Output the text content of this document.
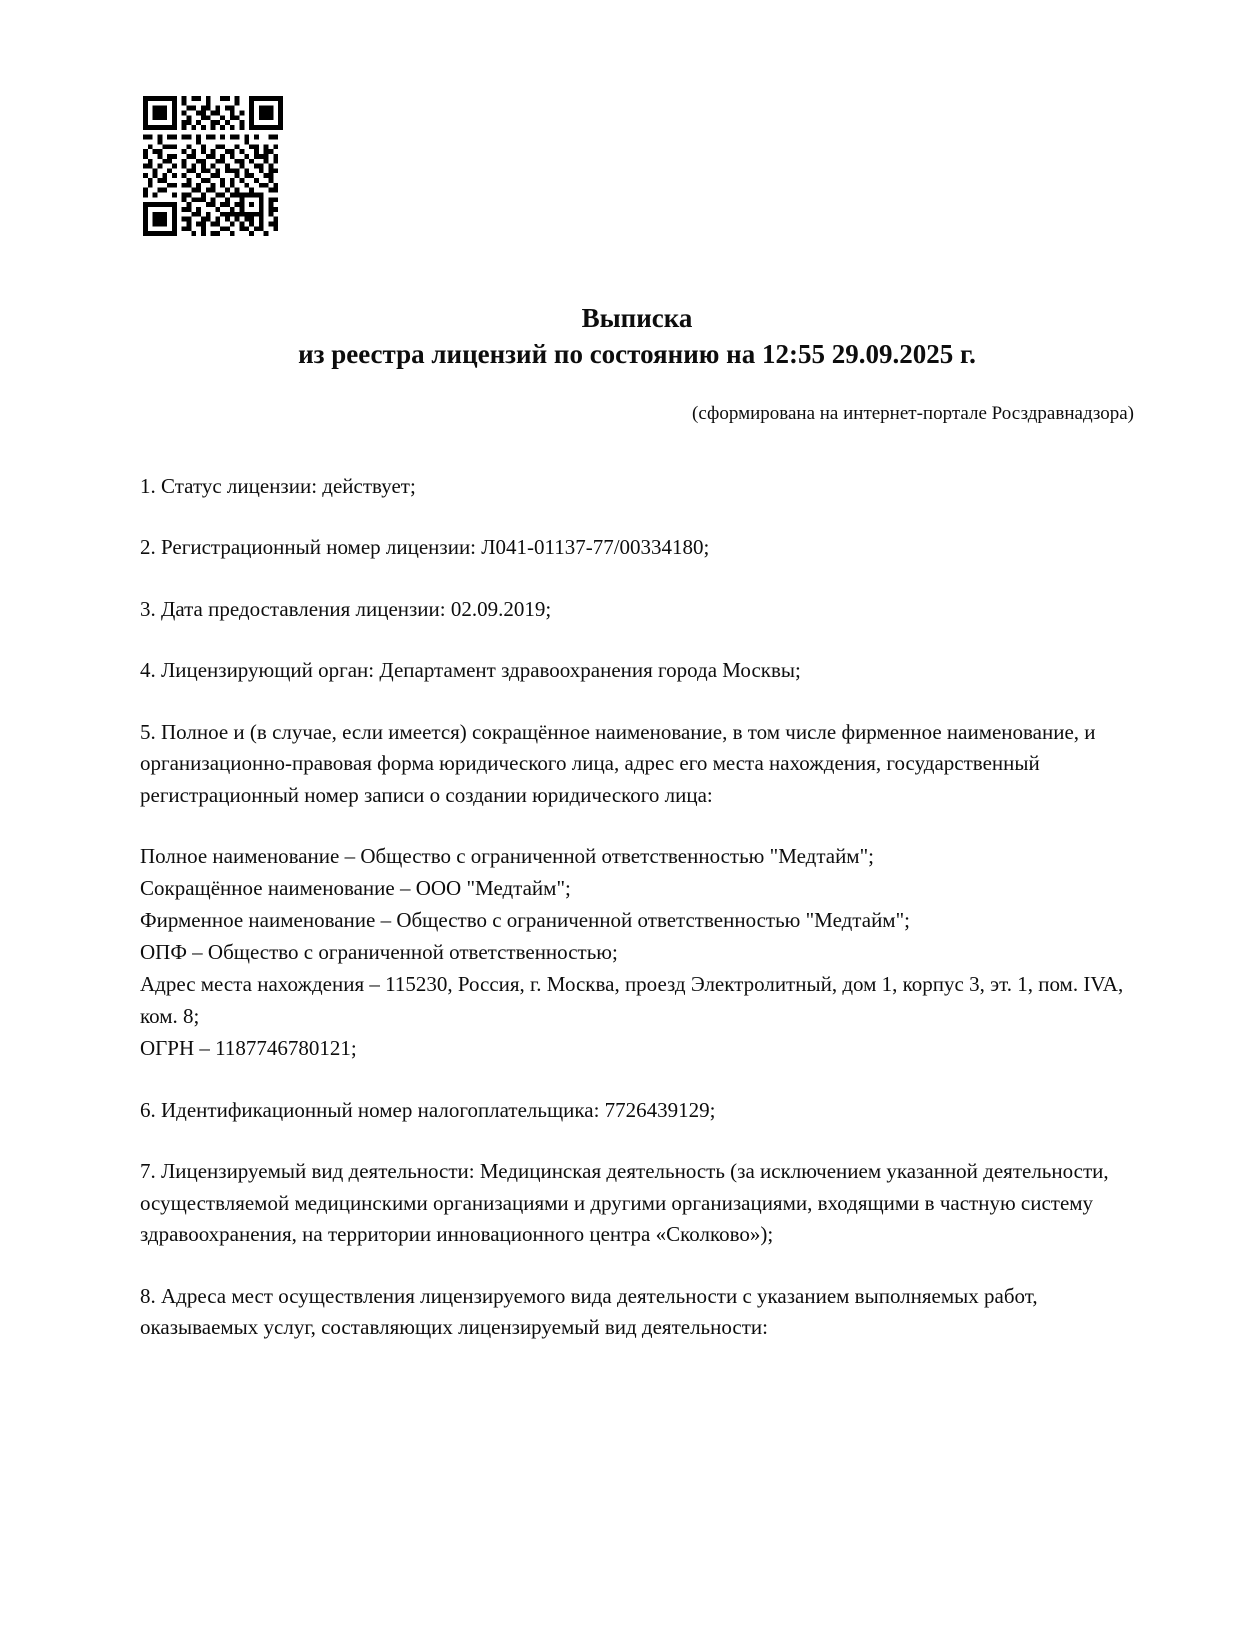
Выписка
из реестра лицензий по состоянию на 12:55 29.09.2025 г.

(сформирована на интернет-портале Росздравнадзора)

1. Статус лицензии: действует;

2. Регистрационный номер лицензии: Л041-01137-77/00334180;

3. Дата предоставления лицензии: 02.09.2019;

4. Лицензирующий орган: Департамент здравоохранения города Москвы;

5. Полное и (в случае, если имеется) сокращённое наименование, в том числе фирменное наименование, и организационно-правовая форма юридического лица, адрес его места нахождения, государственный регистрационный номер записи о создании юридического лица:

Полное наименование – Общество с ограниченной ответственностью "Медтайм";
Сокращённое наименование – ООО "Медтайм";
Фирменное наименование – Общество с ограниченной ответственностью "Медтайм";
ОПФ – Общество с ограниченной ответственностью;
Адрес места нахождения – 115230, Россия, г. Москва, проезд Электролитный, дом 1, корпус 3, эт. 1, пом. IVA, ком. 8;
ОГРН – 1187746780121;

6. Идентификационный номер налогоплательщика: 7726439129;

7. Лицензируемый вид деятельности: Медицинская деятельность (за исключением указанной деятельности, осуществляемой медицинскими организациями и другими организациями, входящими в частную систему здравоохранения, на территории инновационного центра «Сколково»);

8. Адреса мест осуществления лицензируемого вида деятельности с указанием выполняемых работ, оказываемых услуг, составляющих лицензируемый вид деятельности:
